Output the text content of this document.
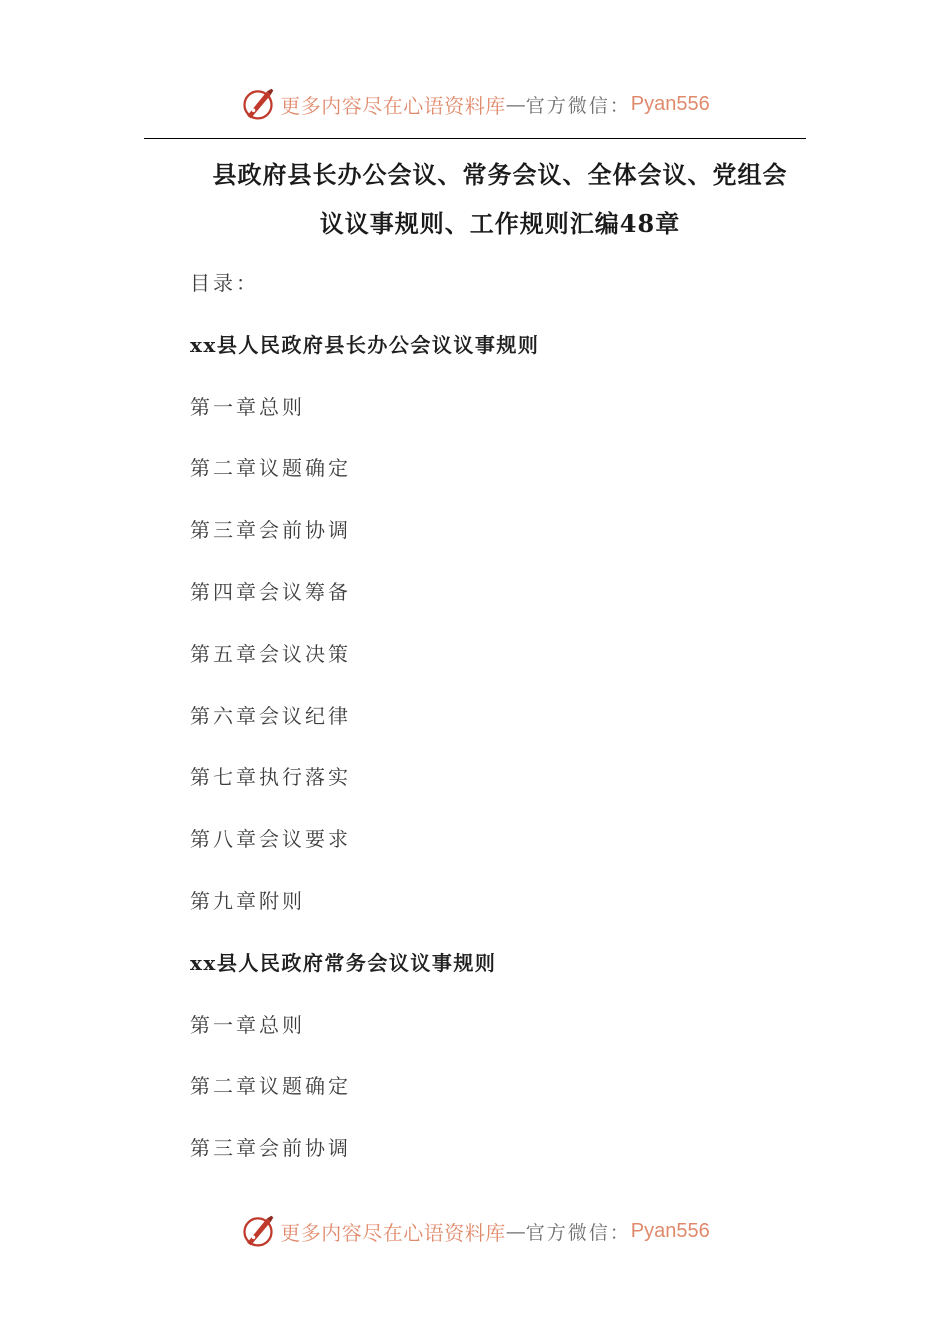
更多内容尽在心语资料库 — 官方微信： Pyan556
县政府县长办公会议、常务会议、全体会议、党组会
议议事规则、工作规则汇编48章
目录：
xx县人民政府县长办公会议议事规则
第一章总则
第二章议题确定
第三章会前协调
第四章会议筹备
第五章会议决策
第六章会议纪律
第七章执行落实
第八章会议要求
第九章附则
xx县人民政府常务会议议事规则
第一章总则
第二章议题确定
第三章会前协调
更多内容尽在心语资料库 — 官方微信： Pyan556
